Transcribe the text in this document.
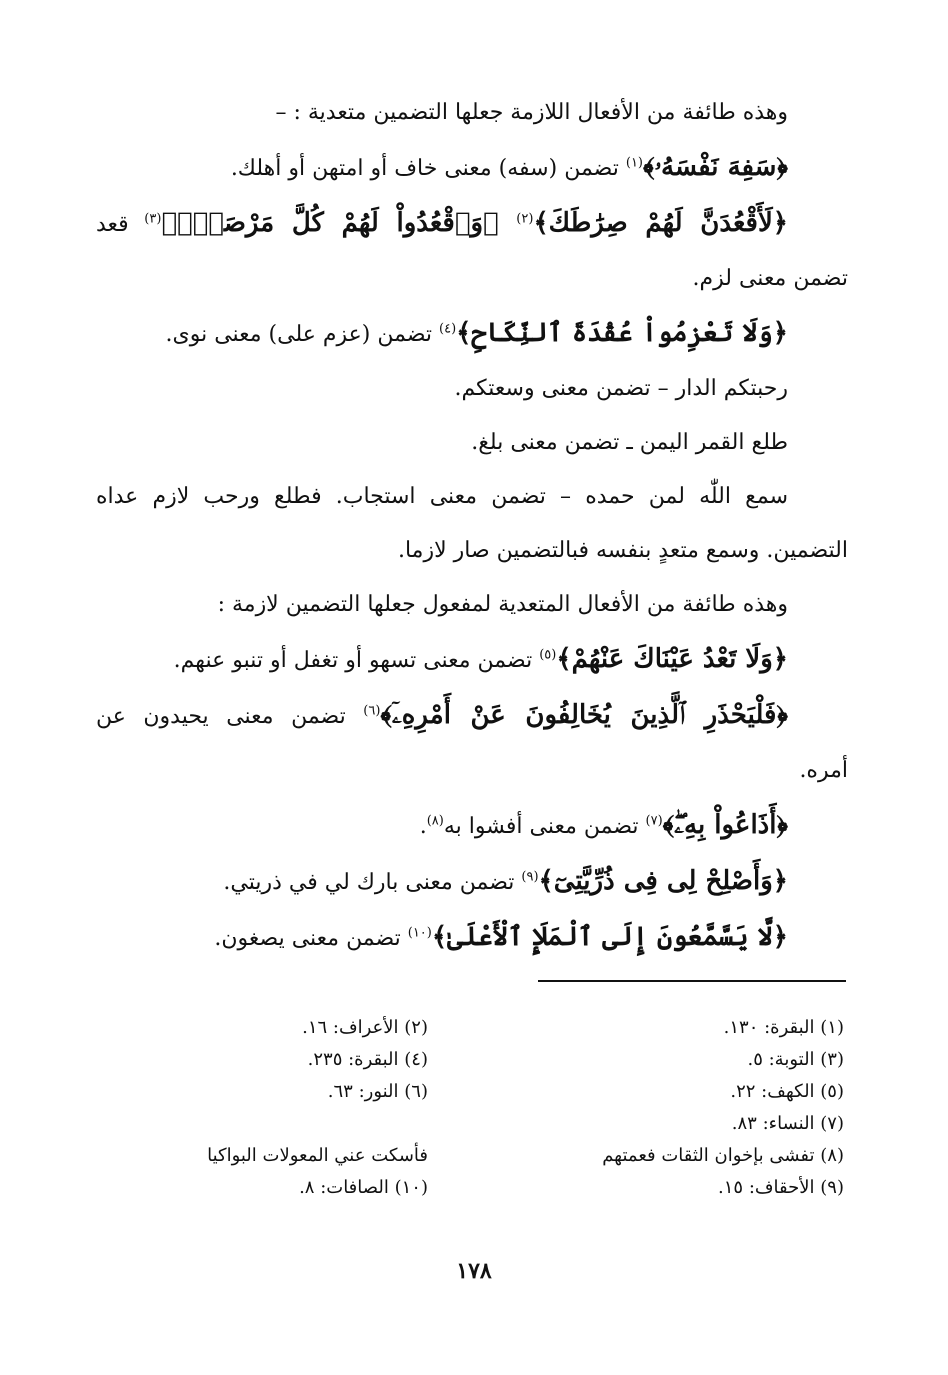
وهذه طائفة من الأفعال اللازمة جعلها التضمين متعدية : –
﴿سَفِهَ نَفْسَهُۥ﴾$^{(١)}$ تضمن (سفه) معنى خاف أو امتهن أو أهلك.
﴿لَأَقْعُدَنَّ لَهُمْ صِرَٰطَكَ﴾$^{(٢)}$ ﴿وَٱقْعُدُواْ لَهُمْ كُلَّ مَرْصَدٍۚ﴾$^{(٣)}$ قعد
تضمن معنى لزم.
﴿وَلَا تَعْزِمُواْ عُقْدَةَ ٱلنِّكَاحِ﴾$^{(٤)}$ تضمن (عزم على) معنى نوى.
رحبتكم الدار – تضمن معنى وسعتكم.
طلع القمر اليمن ـ تضمن معنى بلغ.
سمع اللّٰه لمن حمده – تضمن معنى استجاب. فطلع ورحب لازم عداه
التضمين. وسمع متعدٍ بنفسه فبالتضمين صار لازما.
وهذه طائفة من الأفعال المتعدية لمفعول جعلها التضمين لازمة :
﴿وَلَا تَعْدُ عَيْنَاكَ عَنْهُمْ﴾$^{(٥)}$ تضمن معنى تسهو أو تغفل أو تنبو عنهم.
﴿فَلْيَحْذَرِ ٱلَّذِينَ يُخَالِفُونَ عَنْ أَمْرِهِۦٓ﴾$^{(٦)}$ تضمن معنى يحيدون عن
أمره.
﴿أَذَاعُواْ بِهِۦۖ﴾$^{(٧)}$ تضمن معنى أفشوا به$^{(٨)}$.
﴿وَأَصْلِحْ لِى فِى ذُرِّيَّتِىٓ﴾$^{(٩)}$ تضمن معنى بارك لي في ذريتي.
﴿لَّا يَسَّمَّعُونَ إِلَى ٱلْمَلَإِ ٱلْأَعْلَىٰ﴾$^{(١٠)}$ تضمن معنى يصغون.
(١) البقرة: ١٣٠.
(٣) التوبة: ٥.
(٥) الكهف: ٢٢.
(٧) النساء: ٨٣.
(٨) تفشى بإخوان الثقات فعمتهم
(٩) الأحقاف: ١٥.
(٢) الأعراف: ١٦.
(٤) البقرة: ٢٣٥.
(٦) النور: ٦٣.
فأسكت عني المعولات البواكيا
(١٠) الصافات: ٨.
١٧٨
